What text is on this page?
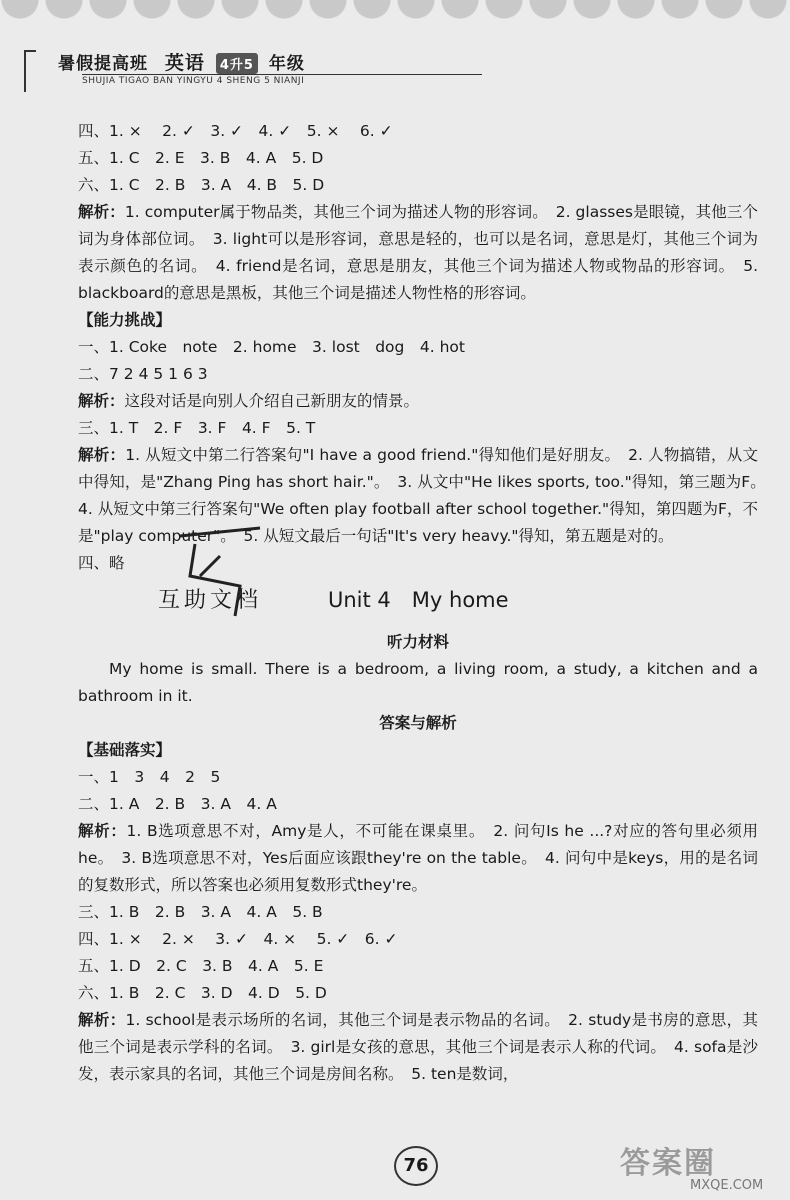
暑假提高班 英语 4升5 年级
SHUJIA TIGAO BAN YINGYU 4 SHENG 5 NIANJI
四、1. ×　 2. ✓　3. ✓　4. ✓　5. ×　 6. ✓
五、1. C　2. E　3. B　4. A　5. D
六、1. C　2. B　3. A　4. B　5. D
解析：1. computer属于物品类，其他三个词为描述人物的形容词。　2. glasses是眼镜，其他三个词为身体部位词。　3. light可以是形容词，意思是轻的，也可以是名词，意思是灯，其他三个词为表示颜色的名词。　4. friend是名词，意思是朋友，其他三个词为描述人物或物品的形容词。　5. blackboard的意思是黑板，其他三个词是描述人物性格的形容词。
【能力挑战】
一、1. Coke　note　2. home　3. lost　dog　4. hot
二、7 2 4 5 1 6 3
解析：这段对话是向别人介绍自己新朋友的情景。
三、1. T　2. F　3. F　4. F　5. T
解析：1. 从短文中第二行答案句"I have a good friend."得知他们是好朋友。　2. 人物搞错，从文中得知，是"Zhang Ping has short hair."。　3. 从文中"He likes sports, too."得知，第三题为F。　4. 从短文中第三行答案句"We often play football after school together."得知，第四题为F，不是"play computer"。　5. 从短文最后一句话"It's very heavy."得知，第五题是对的。
四、略
互助文档	Unit 4　My home
听力材料
My home is small. There is a bedroom, a living room, a study, a kitchen and a bathroom in it.
答案与解析
【基础落实】
一、1　3　4　2　5
二、1. A　2. B　3. A　4. A
解析：1. B选项意思不对，Amy是人，不可能在课桌里。　2. 问句Is he ...?对应的答句里必须用he。　3. B选项意思不对，Yes后面应该跟they're on the table。　4. 问句中是keys，用的是名词的复数形式，所以答案也必须用复数形式they're。
三、1. B　2. B　3. A　4. A　5. B
四、1. ×　 2. ×　 3. ✓　4. ×　 5. ✓　6. ✓
五、1. D　2. C　3. B　4. A　5. E
六、1. B　2. C　3. D　4. D　5. D
解析：1. school是表示场所的名词，其他三个词是表示物品的名词。　2. study是书房的意思，其他三个词是表示学科的名词。　3. girl是女孩的意思，其他三个词是表示人称的代词。　4. sofa是沙发，表示家具的名词，其他三个词是房间名称。　5. ten是数词，
76	答案圈
MXQE.COM
